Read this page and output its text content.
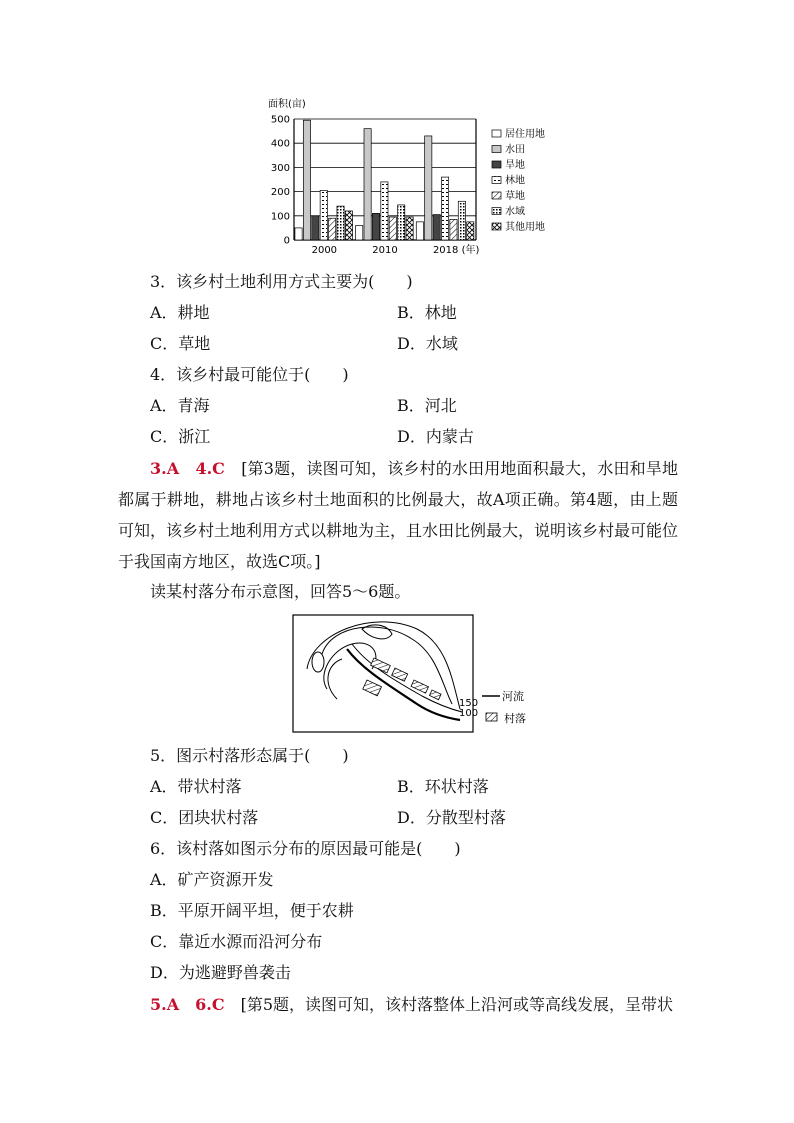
面积(亩)
0
100
200
300
400
500
2000	2010	2018 (年)
居住用地
水田
旱地
林地
草地
水域
其他用地
3．该乡村土地利用方式主要为(　　)
A．耕地	B．林地
C．草地	D．水域
4．该乡村最可能位于(　　)
A．青海	B．河北
C．浙江	D．内蒙古
3.A　4.C　 [第3题，读图可知，该乡村的水田用地面积最大，水田和旱地都属于耕地，耕地占该乡村土地面积的比例最大，故A项正确。第4题，由上题可知，该乡村土地利用方式以耕地为主，且水田比例最大，说明该乡村最可能位于我国南方地区，故选C项。]
读某村落分布示意图，回答5～6题。
150
100
河流
村落
5．图示村落形态属于(　　)
A．带状村落	B．环状村落
C．团块状村落	D．分散型村落
6．该村落如图示分布的原因最可能是(　　)
A．矿产资源开发
B．平原开阔平坦，便于农耕
C．靠近水源而沿河分布
D．为逃避野兽袭击
5.A　6.C　 [第5题，读图可知，该村落整体上沿河或等高线发展，呈带状
